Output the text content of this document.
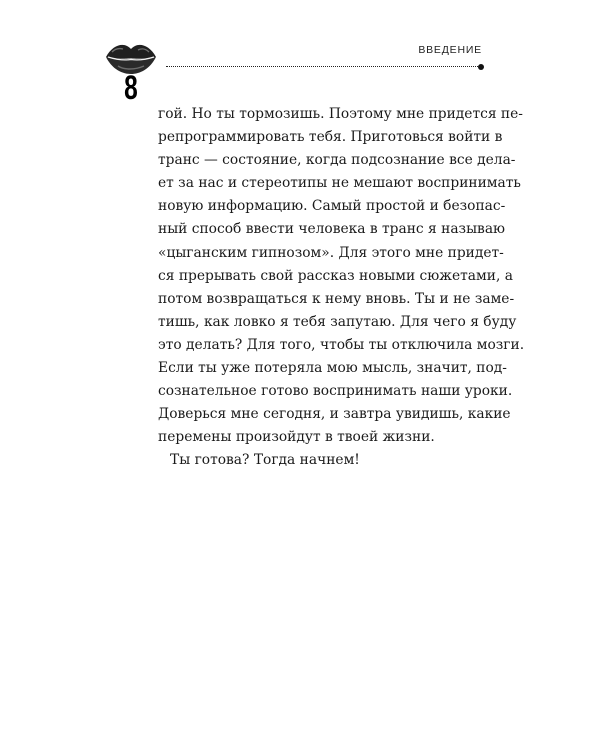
8
ВВЕДЕНИЕ
гой. Но ты тормозишь. Поэтому мне придется пе-
репрограммировать тебя. Приготовься войти в
транс — состояние, когда подсознание все дела-
ет за нас и стереотипы не мешают воспринимать
новую информацию. Самый простой и безопас-
ный способ ввести человека в транс я называю
«цыганским гипнозом». Для этого мне придет-
ся прерывать свой рассказ новыми сюжетами, а
потом возвращаться к нему вновь. Ты и не заме-
тишь, как ловко я тебя запутаю. Для чего я буду
это делать? Для того, чтобы ты отключила мозги.
Если ты уже потеряла мою мысль, значит, под-
сознательное готово воспринимать наши уроки.
Доверься мне сегодня, и завтра увидишь, какие
перемены произойдут в твоей жизни.
Ты готова? Тогда начнем!
